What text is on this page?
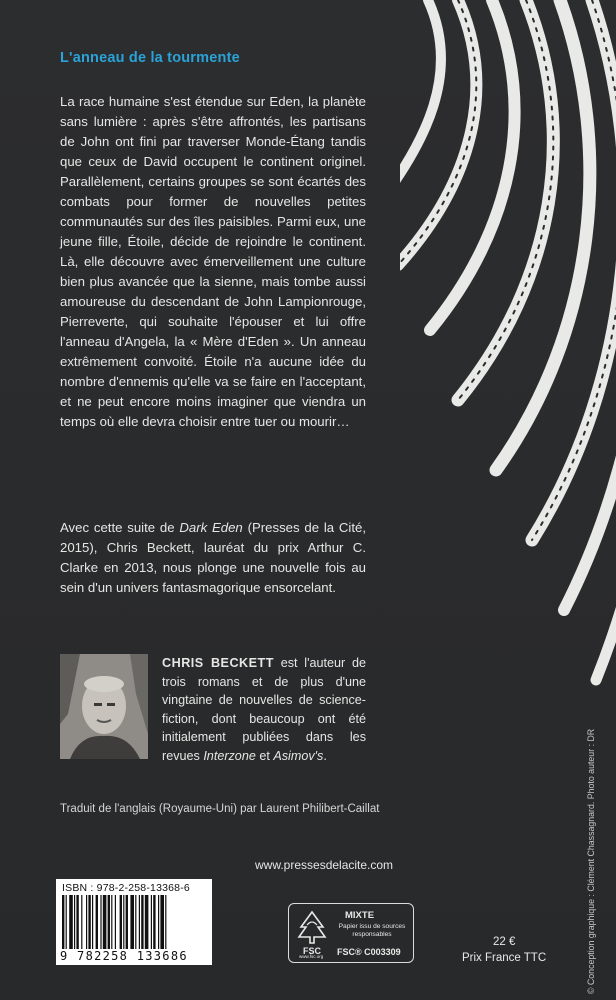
L'anneau de la tourmente

La race humaine s'est étendue sur Eden, la planète sans lumière : après s'être affrontés, les partisans de John ont fini par traverser Monde-Étang tandis que ceux de David occupent le continent originel. Parallèlement, certains groupes se sont écartés des combats pour former de nouvelles petites communautés sur des îles paisibles. Parmi eux, une jeune fille, Étoile, décide de rejoindre le continent. Là, elle découvre avec émerveillement une culture bien plus avancée que la sienne, mais tombe aussi amoureuse du descendant de John Lampionrouge, Pierreverte, qui souhaite l'épouser et lui offre l'anneau d'Angela, la « Mère d'Eden ». Un anneau extrêmement convoité. Étoile n'a aucune idée du nombre d'ennemis qu'elle va se faire en l'acceptant, et ne peut encore moins imaginer que viendra un temps où elle devra choisir entre tuer ou mourir…

Avec cette suite de Dark Eden (Presses de la Cité, 2015), Chris Beckett, lauréat du prix Arthur C. Clarke en 2013, nous plonge une nouvelle fois au sein d'un univers fantasmagorique ensorcelant.

CHRIS BECKETT est l'auteur de trois romans et de plus d'une vingtaine de nouvelles de science-fiction, dont beaucoup ont été initialement publiées dans les revues Interzone et Asimov's.

Traduit de l'anglais (Royaume-Uni) par Laurent Philibert-Caillat
www.pressesdelacite.com
ISBN : 978-2-258-13368-6
9 782258 133686	FSC
MIXTE
Papier issu de sources responsables
FSC® C003309
www.fsc.org
22 €
Prix France TTC	© Conception graphique : Clément Chassagnard. Photo auteur : DR
